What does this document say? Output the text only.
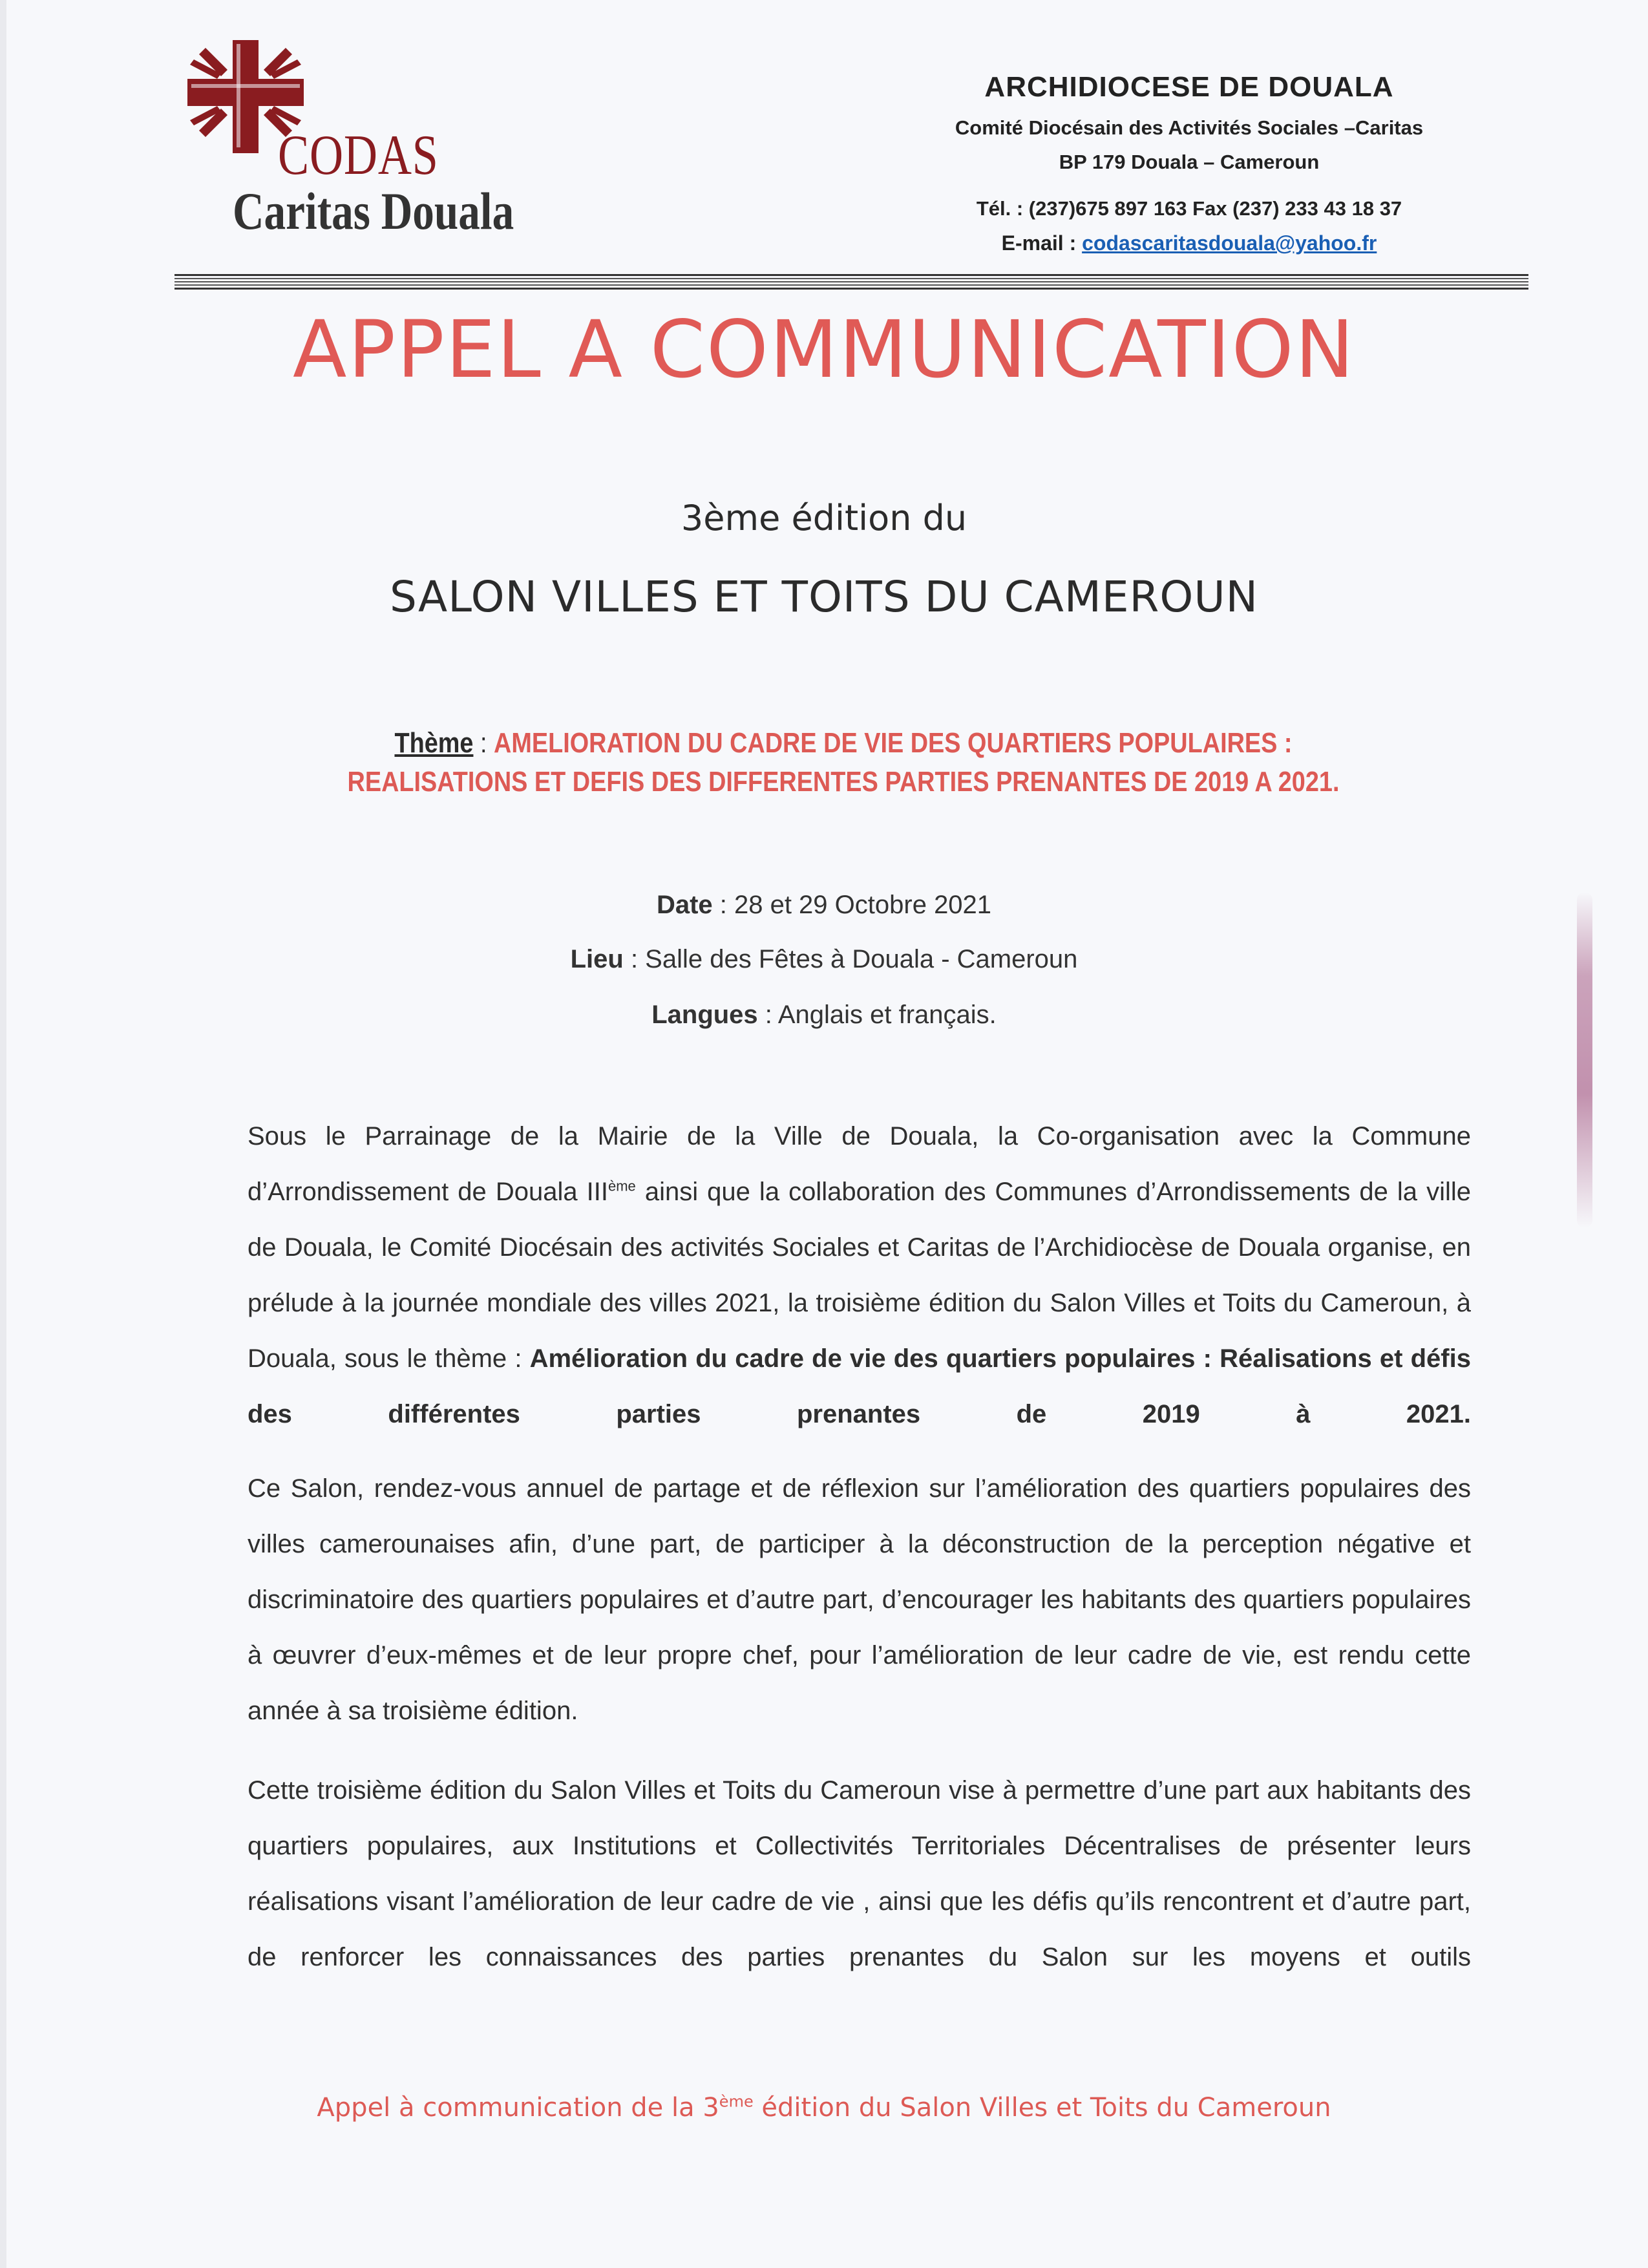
CODAS
Caritas Douala
ARCHIDIOCESE DE DOUALA
Comité Diocésain des Activités Sociales –Caritas
BP 179 Douala – Cameroun
Tél. : (237)675 897 163 Fax (237) 233 43 18 37
E-mail : codascaritasdouala@yahoo.fr
APPEL A COMMUNICATION
3ème édition du
SALON VILLES ET TOITS DU CAMEROUN
Thème : AMELIORATION DU CADRE DE VIE DES QUARTIERS POPULAIRES : REALISATIONS ET DEFIS DES DIFFERENTES PARTIES PRENANTES DE 2019 A 2021.
Date : 28 et 29 Octobre 2021
Lieu : Salle des Fêtes à Douala - Cameroun
Langues : Anglais et français.
Sous le Parrainage de la Mairie de la Ville de Douala, la Co-organisation avec la Commune d’Arrondissement de Douala IIIème ainsi que la collaboration des Communes d’Arrondissements de la ville de Douala, le Comité Diocésain des activités Sociales et Caritas de l’Archidiocèse de Douala organise, en prélude à la journée mondiale des villes 2021, la troisième édition du Salon Villes et Toits du Cameroun, à Douala, sous le thème : Amélioration du cadre de vie des quartiers populaires : Réalisations et défis des différentes parties prenantes de 2019 à 2021.
Ce Salon, rendez-vous annuel de partage et de réflexion sur l’amélioration des quartiers populaires des villes camerounaises afin, d’une part, de participer à la déconstruction de la perception négative et discriminatoire des quartiers populaires et d’autre part, d’encourager les habitants des quartiers populaires à œuvrer d’eux-mêmes et de leur propre chef, pour l’amélioration de leur cadre de vie, est rendu cette année à sa troisième édition.
Cette troisième édition du Salon Villes et Toits du Cameroun vise à permettre d’une part aux habitants des quartiers populaires, aux Institutions et Collectivités Territoriales Décentralises de présenter leurs réalisations visant l’amélioration de leur cadre de vie , ainsi que les défis qu’ils rencontrent et d’autre part, de renforcer les connaissances des parties prenantes du Salon sur les moyens et outils
Appel à communication de la 3ème édition du Salon Villes et Toits du Cameroun
